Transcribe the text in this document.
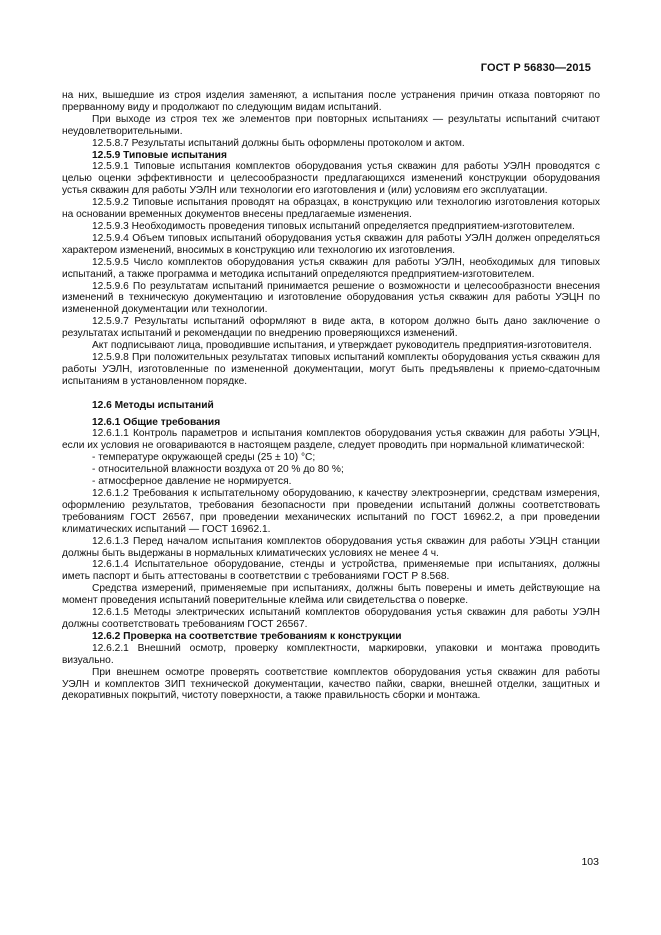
ГОСТ Р 56830—2015

на них, вышедшие из строя изделия заменяют, а испытания после устранения причин отказа повторяют по прерванному виду и продолжают по следующим видам испытаний.

При выходе из строя тех же элементов при повторных испытаниях — результаты испытаний считают неудовлетворительными.

12.5.8.7 Результаты испытаний должны быть оформлены протоколом и актом.

12.5.9 Типовые испытания

12.5.9.1 Типовые испытания комплектов оборудования устья скважин для работы УЭЛН проводятся с целью оценки эффективности и целесообразности предлагающихся изменений конструкции оборудования устья скважин для работы УЭЛН или технологии его изготовления и (или) условиям его эксплуатации.

12.5.9.2 Типовые испытания проводят на образцах, в конструкцию или технологию изготовления которых на основании временных документов внесены предлагаемые изменения.

12.5.9.3 Необходимость проведения типовых испытаний определяется предприятием-изготовителем.

12.5.9.4 Объем типовых испытаний оборудования устья скважин для работы УЭЛН должен определяться характером изменений, вносимых в конструкцию или технологию их изготовления.

12.5.9.5 Число комплектов оборудования устья скважин для работы УЭЛН, необходимых для типовых испытаний, а также программа и методика испытаний определяются предприятием-изготовителем.

12.5.9.6 По результатам испытаний принимается решение о возможности и целесообразности внесения изменений в техническую документацию и изготовление оборудования устья скважин для работы УЭЦН по измененной документации или технологии.

12.5.9.7 Результаты испытаний оформляют в виде акта, в котором должно быть дано заключение о результатах испытаний и рекомендации по внедрению проверяющихся изменений.

Акт подписывают лица, проводившие испытания, и утверждает руководитель предприятия-изготовителя.

12.5.9.8 При положительных результатах типовых испытаний комплекты оборудования устья скважин для работы УЭЛН, изготовленные по измененной документации, могут быть предъявлены к приемо-сдаточным испытаниям в установленном порядке.

12.6 Методы испытаний

12.6.1 Общие требования

12.6.1.1 Контроль параметров и испытания комплектов оборудования устья скважин для работы УЭЦН, если их условия не оговариваются в настоящем разделе, следует проводить при нормальной климатической:

- температуре окружающей среды (25 ± 10) °С;

- относительной влажности воздуха от 20 % до 80 %;

- атмосферное давление не нормируется.

12.6.1.2 Требования к испытательному оборудованию, к качеству электроэнергии, средствам измерения, оформлению результатов, требования безопасности при проведении испытаний должны соответствовать требованиям ГОСТ 26567, при проведении механических испытаний по ГОСТ 16962.2, а при проведении климатических испытаний — ГОСТ 16962.1.

12.6.1.3 Перед началом испытания комплектов оборудования устья скважин для работы УЭЦН станции должны быть выдержаны в нормальных климатических условиях не менее 4 ч.

12.6.1.4 Испытательное оборудование, стенды и устройства, применяемые при испытаниях, должны иметь паспорт и быть аттестованы в соответствии с требованиями ГОСТ Р 8.568.

Средства измерений, применяемые при испытаниях, должны быть поверены и иметь действующие на момент проведения испытаний поверительные клейма или свидетельства о поверке.

12.6.1.5 Методы электрических испытаний комплектов оборудования устья скважин для работы УЭЛН должны соответствовать требованиям ГОСТ 26567.

12.6.2 Проверка на соответствие требованиям к конструкции

12.6.2.1 Внешний осмотр, проверку комплектности, маркировки, упаковки и монтажа проводить визуально.

При внешнем осмотре проверять соответствие комплектов оборудования устья скважин для работы УЭЛН и комплектов ЗИП технической документации, качество пайки, сварки, внешней отделки, защитных и декоративных покрытий, чистоту поверхности, а также правильность сборки и монтажа.

103
